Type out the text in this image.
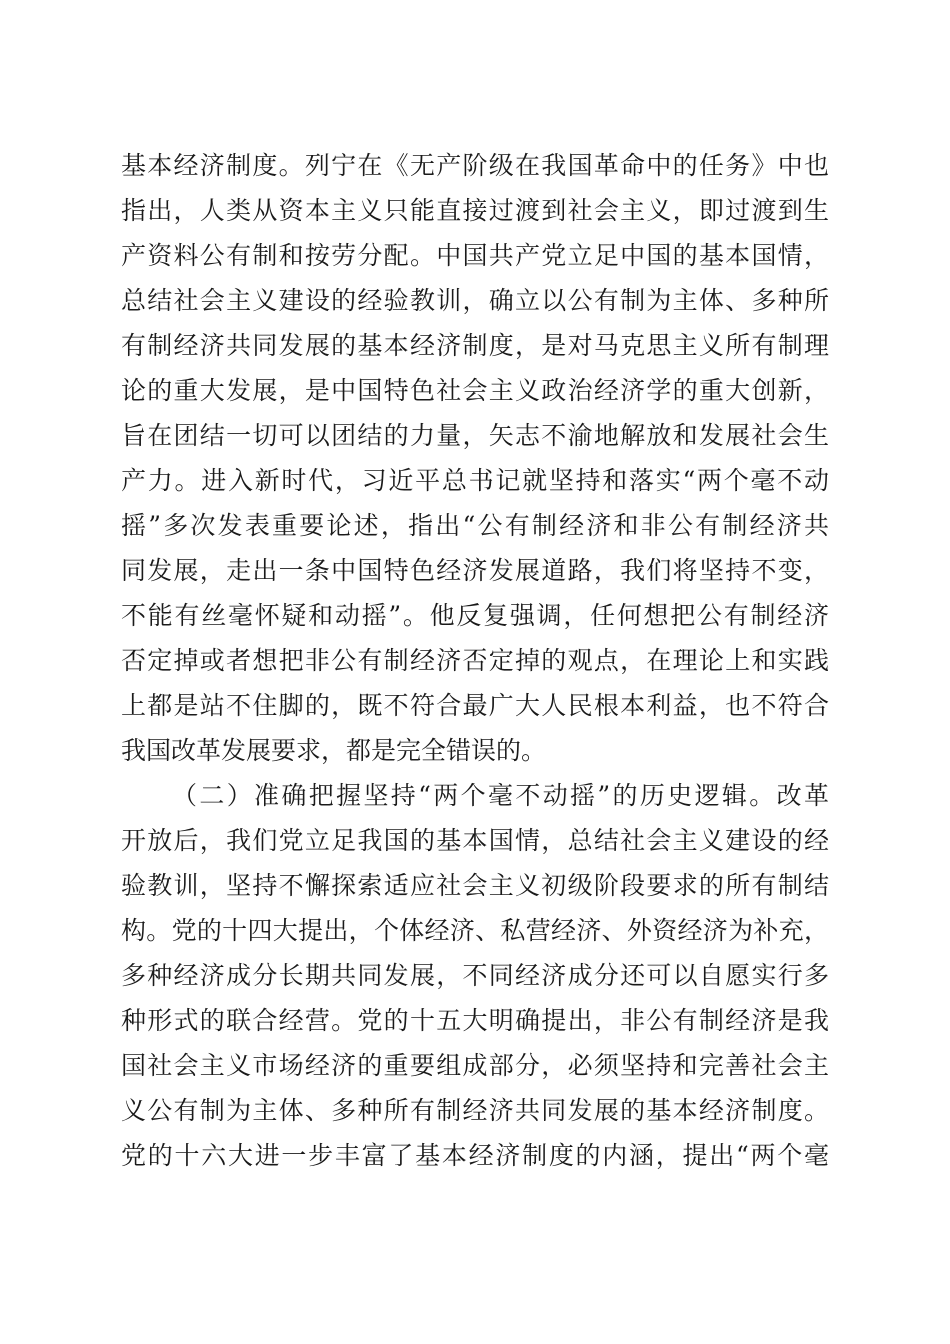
基本经济制度。列宁在《无产阶级在我国革命中的任务》中也
指出，人类从资本主义只能直接过渡到社会主义，即过渡到生
产资料公有制和按劳分配。中国共产党立足中国的基本国情，
总结社会主义建设的经验教训，确立以公有制为主体、多种所
有制经济共同发展的基本经济制度，是对马克思主义所有制理
论的重大发展，是中国特色社会主义政治经济学的重大创新，
旨在团结一切可以团结的力量，矢志不渝地解放和发展社会生
产力。进入新时代，习近平总书记就坚持和落实“两个毫不动
摇”多次发表重要论述，指出“公有制经济和非公有制经济共
同发展，走出一条中国特色经济发展道路，我们将坚持不变，
不能有丝毫怀疑和动摇”。他反复强调，任何想把公有制经济
否定掉或者想把非公有制经济否定掉的观点，在理论上和实践
上都是站不住脚的，既不符合最广大人民根本利益，也不符合
我国改革发展要求，都是完全错误的。
（二）准确把握坚持“两个毫不动摇”的历史逻辑。改革
开放后，我们党立足我国的基本国情，总结社会主义建设的经
验教训，坚持不懈探索适应社会主义初级阶段要求的所有制结
构。党的十四大提出，个体经济、私营经济、外资经济为补充，
多种经济成分长期共同发展，不同经济成分还可以自愿实行多
种形式的联合经营。党的十五大明确提出，非公有制经济是我
国社会主义市场经济的重要组成部分，必须坚持和完善社会主
义公有制为主体、多种所有制经济共同发展的基本经济制度。
党的十六大进一步丰富了基本经济制度的内涵，提出“两个毫
